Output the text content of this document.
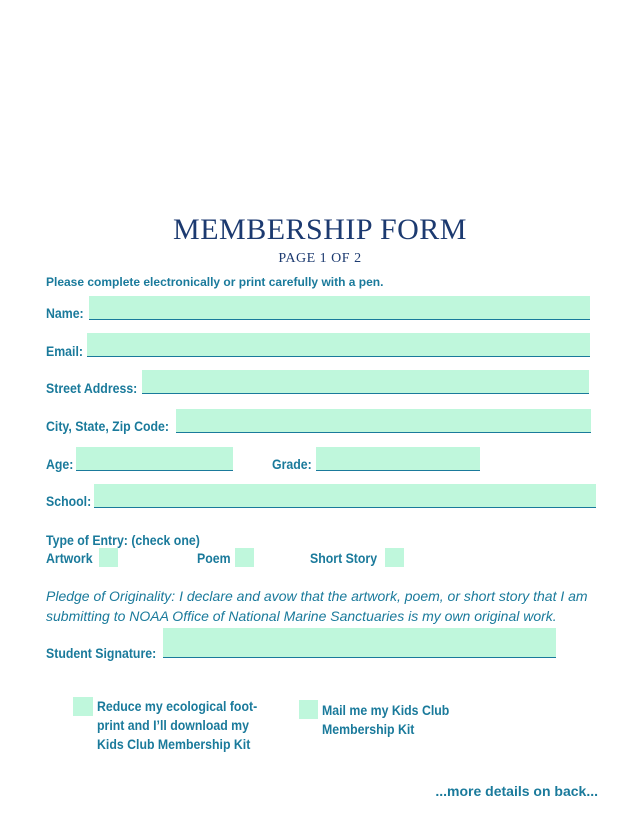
MEMBERSHIP FORM
PAGE 1 OF 2
Please complete electronically or print carefully with a pen.
Name:
Email:
Street Address:
City, State, Zip Code:
Age:	Grade:
School:
Type of Entry: (check one)
Artwork	Poem	Short Story
Pledge of Originality: I declare and avow that the artwork, poem, or short story that I am submitting to NOAA Office of National Marine Sanctuaries is my own original work.
Student Signature:
Reduce my ecological foot-print and I’ll download my Kids Club Membership Kit
Mail me my Kids Club Membership Kit
...more details on back...
